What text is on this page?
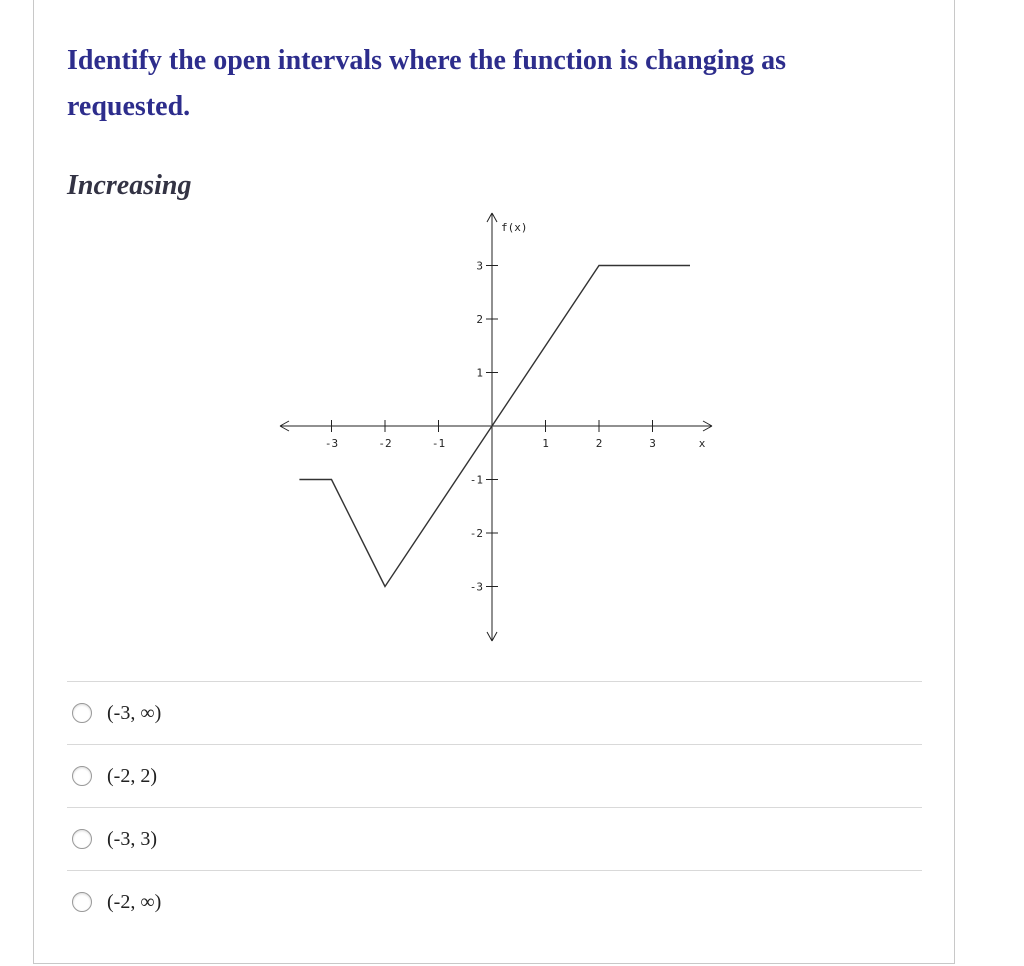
Identify the open intervals where the function is changing as requested.
Increasing
-3	-2	-1	1	2	3
3
2
1
-1
-2
-3
f(x)
x
(-3, ∞)
(-2, 2)
(-3, 3)
(-2, ∞)
